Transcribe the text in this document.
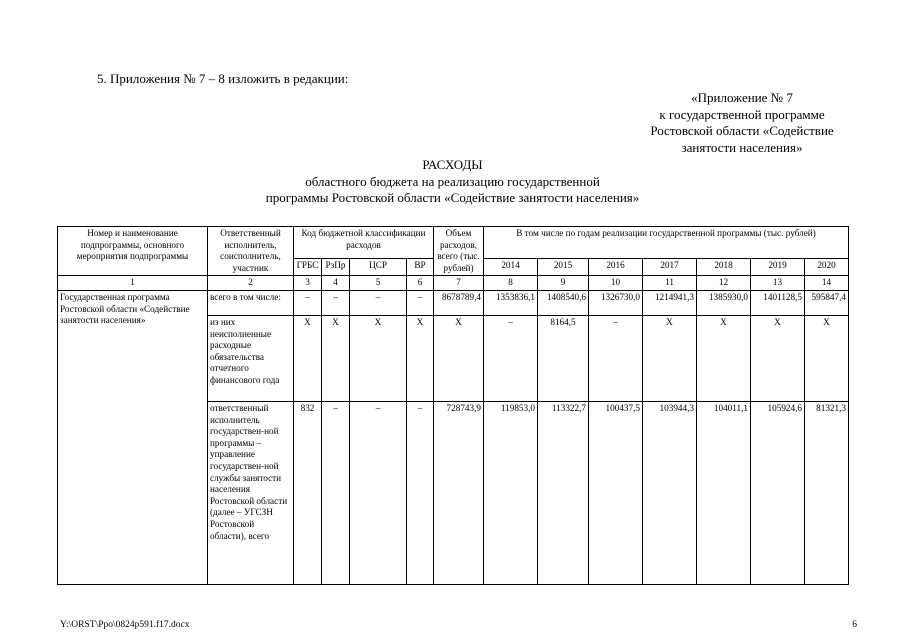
5. Приложения № 7 – 8 изложить в редакции:
«Приложение № 7
к государственной программе
Ростовской области «Содействие
занятости населения»
РАСХОДЫ
областного бюджета на реализацию государственной
программы Ростовской области «Содействие занятости населения»
Номер и наименование подпрограммы, основного мероприятия подпрограммы	Ответственный исполнитель, соисполнитель, участник	Код бюджетной классификации расходов				Объем расходов, всего (тыс. рублей)	В том числе по годам реализации государственной программы (тыс. рублей)						
		ГРБС	РзПр	ЦСР	ВР		2014	2015	2016	2017	2018	2019	2020
1	2	3	4	5	6	7	8	9	10	11	12	13	14
Государственная программа Ростовской области «Содействие занятости населения»	всего в том числе:	–	–	–	–	8678789,4	1353836,1	1408540,6	1326730,0	1214941,3	1385930,0	1401128,5	595847,4
	из них неисполненные расходные обязательства отчетного финансового года	Х	Х	Х	Х	Х	–	8164,5	–	Х	Х	Х	Х
	ответственный исполнитель государствен-ной программы – управление государствен-ной службы занятости населения Ростовской области (далее – УГСЗН Ростовской области), всего	832	–	–	–	728743,9	119853,0	113322,7	100437,5	103944,3	104011,1	105924,6	81321,3
Y:\ORST\Ppo\0824p591.f17.docx	6
